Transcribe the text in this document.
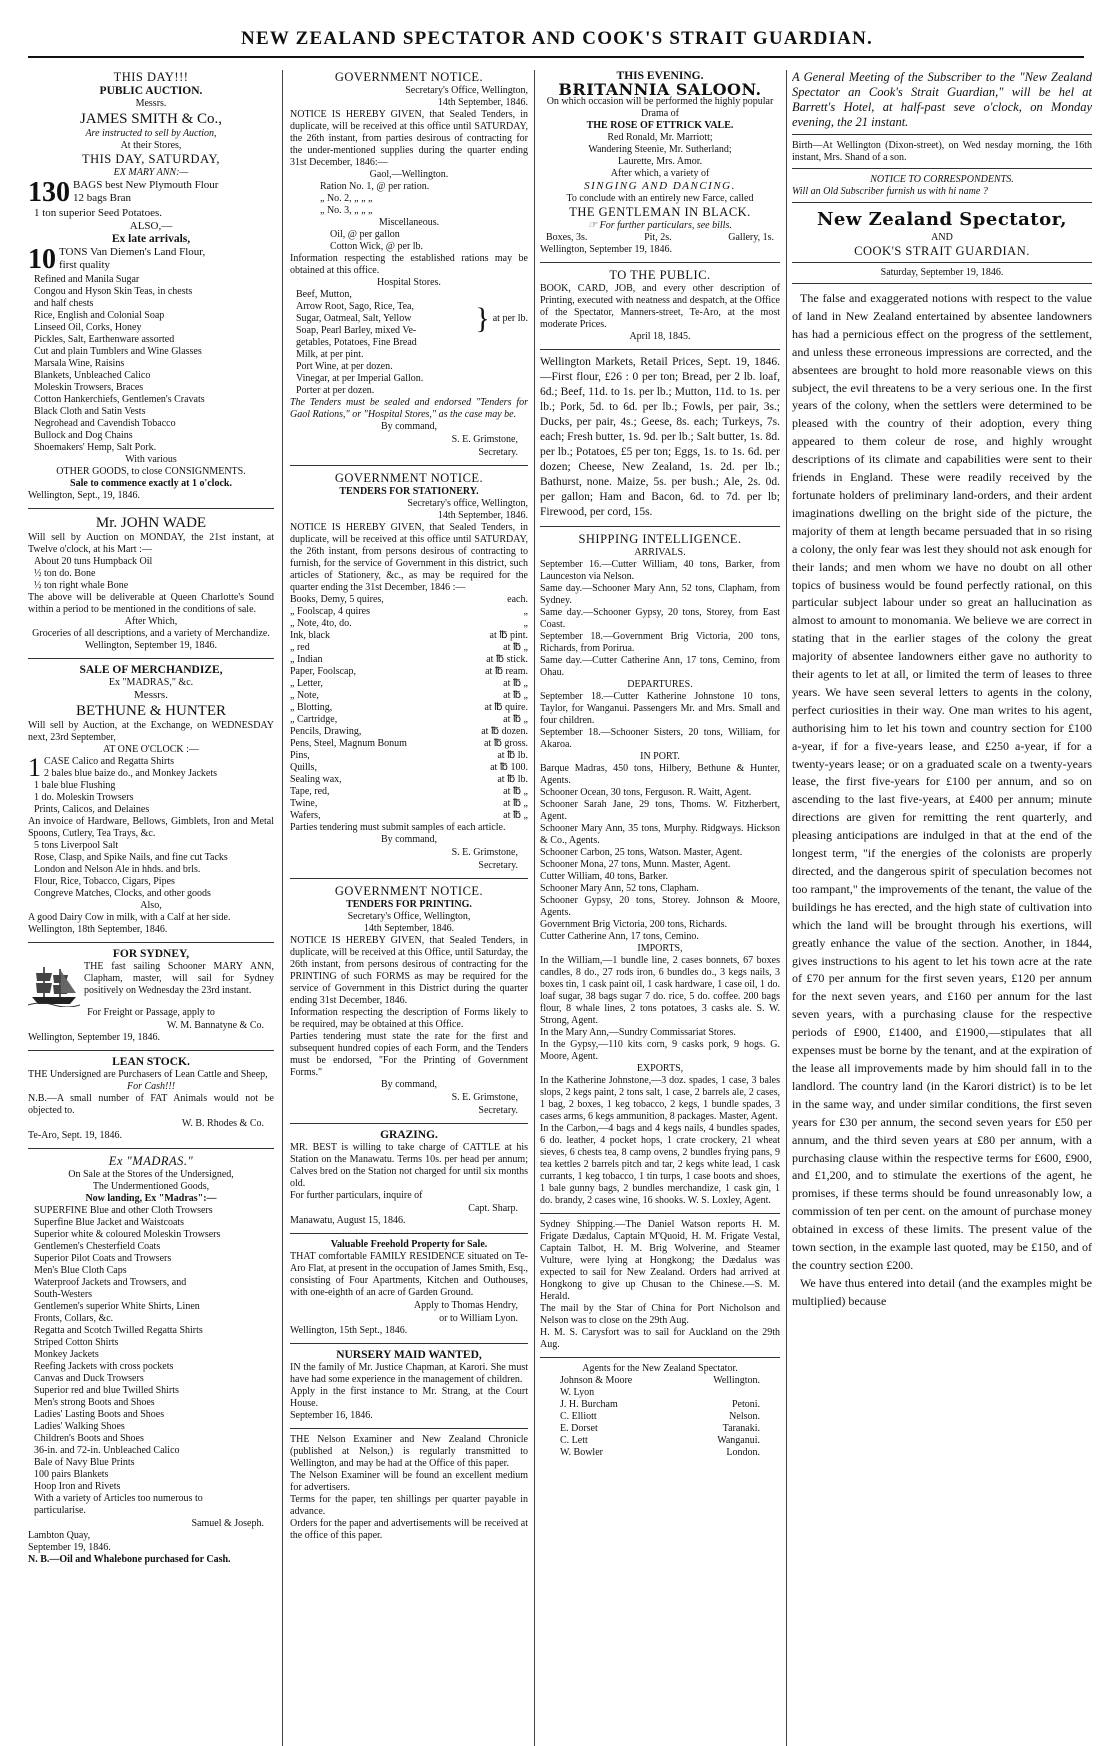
NEW ZEALAND SPECTATOR AND COOK'S STRAIT GUARDIAN.
THIS DAY!!!
PUBLIC AUCTION.
Messrs.
JAMES SMITH & Co.,
Are instructed to sell by Auction,
At their Stores,
THIS DAY, SATURDAY,
EX MARY ANN:—
130 BAGS best New Plymouth Flour
12 bags Bran
1 ton superior Seed Potatoes.
ALSO,—
Ex late arrivals,
10 TONS Van Diemen's Land Flour,
first quality
Refined and Manila Sugar
Congou and Hyson Skin Teas, in chests
and half chests
Rice, English and Colonial Soap
Linseed Oil, Corks, Honey
Pickles, Salt, Earthenware assorted
Cut and plain Tumblers and Wine Glasses
Marsala Wine, Raisins
Blankets, Unbleached Calico
Moleskin Trowsers, Braces
Cotton Hankerchiefs, Gentlemen's Cravats
Black Cloth and Satin Vests
Negrohead and Cavendish Tobacco
Bullock and Dog Chains
Shoemakers' Hemp, Salt Pork.
With various
OTHER GOODS, to close CONSIGNMENTS.
Sale to commence exactly at 1 o'clock.
Wellington, Sept., 19, 1846.
Mr. JOHN WADE

Will sell by Auction on MONDAY, the 21st instant, at Twelve o'clock, at his Mart :—

About 20 tuns Humpback Oil
½ ton do. Bone
½ ton right whale Bone

The above will be deliverable at Queen Charlotte's Sound within a period to be mentioned in the conditions of sale.

After Which,

Groceries of all descriptions, and a variety of Merchandize.

Wellington, September 19, 1846.
SALE OF MERCHANDIZE,
Ex "MADRAS," &c.
Messrs.
BETHUNE & HUNTER

Will sell by Auction, at the Exchange, on WEDNESDAY next, 23rd September,

AT ONE O'CLOCK :—
1 CASE Calico and Regatta Shirts
2 bales blue baize do., and Monkey Jackets
1 bale blue Flushing
1 do. Moleskin Trowsers
Prints, Calicos, and Delaines

An invoice of Hardware, Bellows, Gimblets, Iron and Metal Spoons, Cutlery, Tea Trays, &c.

5 tons Liverpool Salt
Rose, Clasp, and Spike Nails, and fine cut Tacks
London and Nelson Ale in hhds. and brls.
Flour, Rice, Tobacco, Cigars, Pipes
Congreve Matches, Clocks, and other goods
Also,

A good Dairy Cow in milk, with a Calf at her side.

Wellington, 18th September, 1846.
FOR SYDNEY,

THE fast sailing Schooner MARY ANN, Clapham, master, will sail for Sydney positively on Wednesday the 23rd instant.

For Freight or Passage, apply to
W. M. Bannatyne & Co.
Wellington, September 19, 1846.
LEAN STOCK.

THE Undersigned are Purchasers of Lean Cattle and Sheep,

For Cash!!!

N.B.—A small number of FAT Animals would not be objected to.

W. B. Rhodes & Co.
Te-Aro, Sept. 19, 1846.
Ex "MADRAS."
On Sale at the Stores of the Undersigned,
The Undermentioned Goods,
Now landing, Ex "Madras":—
SUPERFINE Blue and other Cloth Trowsers
Superfine Blue Jacket and Waistcoats
Superior white & coloured Moleskin Trowsers
Gentlemen's Chesterfield Coats
Superior Pilot Coats and Trowsers
Men's Blue Cloth Caps
Waterproof Jackets and Trowsers, and
South-Westers
Gentlemen's superior White Shirts, Linen
Fronts, Collars, &c.
Regatta and Scotch Twilled Regatta Shirts
Striped Cotton Shirts
Monkey Jackets
Reefing Jackets with cross pockets
Canvas and Duck Trowsers
Superior red and blue Twilled Shirts
Men's strong Boots and Shoes
Ladies' Lasting Boots and Shoes
Ladies' Walking Shoes
Children's Boots and Shoes
36-in. and 72-in. Unbleached Calico
Bale of Navy Blue Prints
100 pairs Blankets
Hoop Iron and Rivets
With a variety of Articles too numerous to
particularise.
Samuel & Joseph.
Lambton Quay,
September 19, 1846.
N. B.—Oil and Whalebone purchased for Cash.
GOVERNMENT NOTICE.
Secretary's Office, Wellington,
14th September, 1846.

NOTICE IS HEREBY GIVEN, that Sealed Tenders, in duplicate, will be received at this office until SATURDAY, the 26th instant, from parties desirous of contracting for the under-mentioned supplies during the quarter ending 31st December, 1846:—

Gaol,—Wellington.
Ration No. 1, @ per ration.
„ No. 2, „ „ „
„ No. 3, „ „ „
Miscellaneous.
Oil, @ per gallon
Cotton Wick, @ per lb.

Information respecting the established rations may be obtained at this office.

Hospital Stores.
Beef, Mutton,
Arrow Root, Sago, Rice, Tea,
Sugar, Oatmeal, Salt, Yellow
Soap, Pearl Barley, mixed Ve-
getables, Potatoes, Fine Bread
} at per lb.
Milk, at per pint.
Port Wine, at per dozen.
Vinegar, at per Imperial Gallon.
Porter at per dozen.

The Tenders must be sealed and endorsed "Tenders for Gaol Rations," or "Hospital Stores," as the case may be.

By command,
S. E. Grimstone,
Secretary.
GOVERNMENT NOTICE.
TENDERS FOR STATIONERY.
Secretary's office, Wellington,
14th September, 1846.

NOTICE IS HEREBY GIVEN, that Sealed Tenders, in duplicate, will be received at this office until SATURDAY, the 26th instant, from persons desirous of contracting to furnish, for the service of Government in this district, such articles of Stationery, &c., as may be required for the quarter ending the 31st December, 1846 :—

Books, Demy, 5 quires,	each.
„ Foolscap, 4 quires	„
„ Note, 4to, do.	„
Ink, black	at ℔ pint.
„ red	at ℔ „
„ Indian	at ℔ stick.
Paper, Foolscap,	at ℔ ream.
„ Letter,	at ℔ „
„ Note,	at ℔ „
„ Blotting,	at ℔ quire.
„ Cartridge,	at ℔ „
Pencils, Drawing,	at ℔ dozen.
Pens, Steel, Magnum Bonum	at ℔ gross.
Pins,	at ℔ lb.
Quills,	at ℔ 100.
Sealing wax,	at ℔ lb.
Tape, red,	at ℔ „
Twine,	at ℔ „
Wafers,	at ℔ „

Parties tendering must submit samples of each article.

By command,
S. E. Grimstone,
Secretary.
GOVERNMENT NOTICE.
TENDERS FOR PRINTING.
Secretary's Office, Wellington,
14th September, 1846.

NOTICE IS HEREBY GIVEN, that Sealed Tenders, in duplicate, will be received at this Office, until Saturday, the 26th instant, from persons desirous of contracting for the PRINTING of such FORMS as may be required for the service of Government in this District during the quarter ending 31st December, 1846.

Information respecting the description of Forms likely to be required, may be obtained at this Office.

Parties tendering must state the rate for the first and subsequent hundred copies of each Form, and the Tenders must be endorsed, "For the Printing of Government Forms."

By command,
S. E. Grimstone,
Secretary.
GRAZING.

MR. BEST is willing to take charge of CATTLE at his Station on the Manawatu. Terms 10s. per head per annum; Calves bred on the Station not charged for until six months old.

For further particulars, inquire of
Capt. Sharp.
Manawatu, August 15, 1846.
Valuable Freehold Property for Sale.

THAT comfortable FAMILY RESIDENCE situated on Te-Aro Flat, at present in the occupation of James Smith, Esq., consisting of Four Apartments, Kitchen and Outhouses, with one-eighth of an acre of Garden Ground.

Apply to Thomas Hendry,
or to William Lyon.
Wellington, 15th Sept., 1846.
NURSERY MAID WANTED,

IN the family of Mr. Justice Chapman, at Karori. She must have had some experience in the management of children.

Apply in the first instance to Mr. Strang, at the Court House.

September 16, 1846.

THE Nelson Examiner and New Zealand Chronicle (published at Nelson,) is regularly transmitted to Wellington, and may be had at the Office of this paper.

The Nelson Examiner will be found an excellent medium for advertisers.

Terms for the paper, ten shillings per quarter payable in advance.

Orders for the paper and advertisements will be received at the office of this paper.

THIS EVENING.
BRITANNIA SALOON.
On which occasion will be performed the highly popular Drama of
THE ROSE OF ETTRICK VALE.
Red Ronald, Mr. Marriott;
Wandering Steenie, Mr. Sutherland;
Laurette, Mrs. Amor.
After which, a variety of
SINGING AND DANCING.
To conclude with an entirely new Farce, called
THE GENTLEMAN IN BLACK.
☞ For further particulars, see bills.
Boxes, 3s.	Pit, 2s.	Gallery, 1s.
Wellington, September 19, 1846.
TO THE PUBLIC.

BOOK, CARD, JOB, and every other description of Printing, executed with neatness and despatch, at the Office of the Spectator, Manners-street, Te-Aro, at the most moderate Prices.

April 18, 1845.

Wellington Markets, Retail Prices, Sept. 19, 1846.—First flour, £26 : 0 per ton; Bread, per 2 lb. loaf, 6d.; Beef, 11d. to 1s. per lb.; Mutton, 11d. to 1s. per lb.; Pork, 5d. to 6d. per lb.; Fowls, per pair, 3s.; Ducks, per pair, 4s.; Geese, 8s. each; Turkeys, 7s. each; Fresh butter, 1s. 9d. per lb.; Salt butter, 1s. 8d. per lb.; Potatoes, £5 per ton; Eggs, 1s. to 1s. 6d. per dozen; Cheese, New Zealand, 1s. 2d. per lb.; Bathurst, none. Maize, 5s. per bush.; Ale, 2s. 0d. per gallon; Ham and Bacon, 6d. to 7d. per lb; Firewood, per cord, 15s.

SHIPPING INTELLIGENCE.
ARRIVALS.

September 16.—Cutter William, 40 tons, Barker, from Launceston via Nelson.

Same day.—Schooner Mary Ann, 52 tons, Clapham, from Sydney.

Same day.—Schooner Gypsy, 20 tons, Storey, from East Coast.

September 18.—Government Brig Victoria, 200 tons, Richards, from Porirua.

Same day.—Cutter Catherine Ann, 17 tons, Cemino, from Ohau.

DEPARTURES.

September 18.—Cutter Katherine Johnstone 10 tons, Taylor, for Wanganui. Passengers Mr. and Mrs. Small and four children.

September 18.—Schooner Sisters, 20 tons, William, for Akaroa.

IN PORT.

Barque Madras, 450 tons, Hilbery, Bethune & Hunter, Agents.

Schooner Ocean, 30 tons, Ferguson. R. Waitt, Agent.

Schooner Sarah Jane, 29 tons, Thoms. W. Fitzherbert, Agent.

Schooner Mary Ann, 35 tons, Murphy. Ridgways. Hickson & Co., Agents.

Schooner Carbon, 25 tons, Watson. Master, Agent.

Schooner Mona, 27 tons, Munn. Master, Agent.

Cutter William, 40 tons, Barker.

Schooner Mary Ann, 52 tons, Clapham.

Schooner Gypsy, 20 tons, Storey. Johnson & Moore, Agents.

Government Brig Victoria, 200 tons, Richards.

Cutter Catherine Ann, 17 tons, Cemino.

IMPORTS,

In the William,—1 bundle line, 2 cases bonnets, 67 boxes candles, 8 do., 27 rods iron, 6 bundles do., 3 kegs nails, 3 boxes tin, 1 cask paint oil, 1 cask hardware, 1 case oil, 1 do. loaf sugar, 38 bags sugar 7 do. rice, 5 do. coffee. 200 bags flour, 8 whale lines, 2 tons potatoes, 3 casks ale. S. W. Strong, Agent.

In the Mary Ann,—Sundry Commissariat Stores.

In the Gypsy,—110 kits corn, 9 casks pork, 9 hogs. G. Moore, Agent.

EXPORTS,

In the Katherine Johnstone,—3 doz. spades, 1 case, 3 bales slops, 2 kegs paint, 2 tons salt, 1 case, 2 barrels ale, 2 cases, 1 bag, 2 boxes, 1 keg tobacco, 2 kegs, 1 bundle spades, 3 cases arms, 6 kegs ammunition, 8 packages. Master, Agent.

In the Carbon,—4 bags and 4 kegs nails, 4 bundles spades, 6 do. leather, 4 pocket hops, 1 crate crockery, 21 wheat sieves, 6 chests tea, 8 camp ovens, 2 bundles frying pans, 9 tea kettles 2 barrels pitch and tar, 2 kegs white lead, 1 cask currants, 1 keg tobacco, 1 tin turps, 1 case boots and shoes, 1 bale gunny bags, 2 bundles merchandize, 1 cask gin, 1 do. brandy, 2 cases wine, 16 shooks. W. S. Loxley, Agent.

Sydney Shipping.—The Daniel Watson reports H. M. Frigate Dædalus, Captain M'Quoid, H. M. Frigate Vestal, Captain Talbot, H. M. Brig Wolverine, and Steamer Vulture, were lying at Hongkong; the Dædalus was expected to sail for New Zealand. Orders had arrived at Hongkong to give up Chusan to the Chinese.—S. M. Herald.

The mail by the Star of China for Port Nicholson and Nelson was to close on the 29th Aug.

H. M. S. Carysfort was to sail for Auckland on the 29th Aug.

Agents for the New Zealand Spectator.
Johnson & Moore	Wellington.
W. Lyon
J. H. Burcham	Petoni.
C. Elliott	Nelson.
E. Dorset	Taranaki.
C. Lett	Wanganui.
W. Bowler	London.

A General Meeting of the Subscriber to the "New Zealand Spectator an Cook's Strait Guardian," will be hel at Barrett's Hotel, at half-past seve o'clock, on Monday evening, the 21 instant.

Birth—At Wellington (Dixon-street), on Wed nesday morning, the 16th instant, Mrs. Shand of a son.

NOTICE TO CORRESPONDENTS.
Will an Old Subscriber furnish us with hi name ?
New Zealand Spectator,
AND
COOK'S STRAIT GUARDIAN.
Saturday, September 19, 1846.

The false and exaggerated notions with respect to the value of land in New Zealand entertained by absentee landowners has had a pernicious effect on the progress of the settlement, and unless these erroneous impressions are corrected, and the absentees are brought to hold more reasonable views on this subject, the evil threatens to be a very serious one. In the first years of the colony, when the settlers were determined to be pleased with the country of their adoption, every thing appeared to them coleur de rose, and highly wrought descriptions of its climate and capabilities were sent to their friends in England. These were readily received by the fortunate holders of preliminary land-orders, and their ardent imaginations dwelling on the bright side of the picture, the majority of them at length became persuaded that in so rising a colony, the only fear was lest they should not ask enough for their lands; and men whom we have no doubt on all other topics of business would be found perfectly rational, on this particular subject labour under so great an hallucination as almost to amount to monomania. We believe we are correct in stating that in the earlier stages of the colony the great majority of absentee landowners either gave no authority to their agents to let at all, or limited the term of leases to three years. We have seen several letters to agents in the colony, perfect curiosities in their way. One man writes to his agent, authorising him to let his town and country section for £100 a-year, if for a five-years lease, and £250 a-year, if for a twenty-years lease; or on a graduated scale on a twenty-years lease, the first five-years for £100 per annum, and so on ascending to the last five-years, at £400 per annum; minute directions are given for remitting the rent quarterly, and pleasing anticipations are indulged in that at the end of the longest term, "if the energies of the colonists are properly directed, and the dangerous spirit of speculation becomes not too rampant," the improvements of the tenant, the value of the buildings he has erected, and the high state of cultivation into which the land will be brought through his exertions, will greatly enhance the value of the section. Another, in 1844, gives instructions to his agent to let his town acre at the rate of £70 per annum for the first seven years, £120 per annum for the next seven years, and £160 per annum for the last seven years, with a purchasing clause for the respective periods of £900, £1400, and £1900,—stipulates that all expenses must be borne by the tenant, and at the expiration of the lease all improvements made by him should fall in to the landlord. The country land (in the Karori district) is to be let in the same way, and under similar conditions, the first seven years for £30 per annum, the second seven years for £50 per annum, and the third seven years at £80 per annum, with a purchasing clause within the respective terms for £600, £900, and £1,200, and to stimulate the exertions of the agent, he promises, if these terms should be found unreasonably low, a commission of ten per cent. on the amount of purchase money obtained in excess of these limits. The present value of the town section, in the example last quoted, may be £150, and of the country section £200.

We have thus entered into detail (and the examples might be multiplied) because
